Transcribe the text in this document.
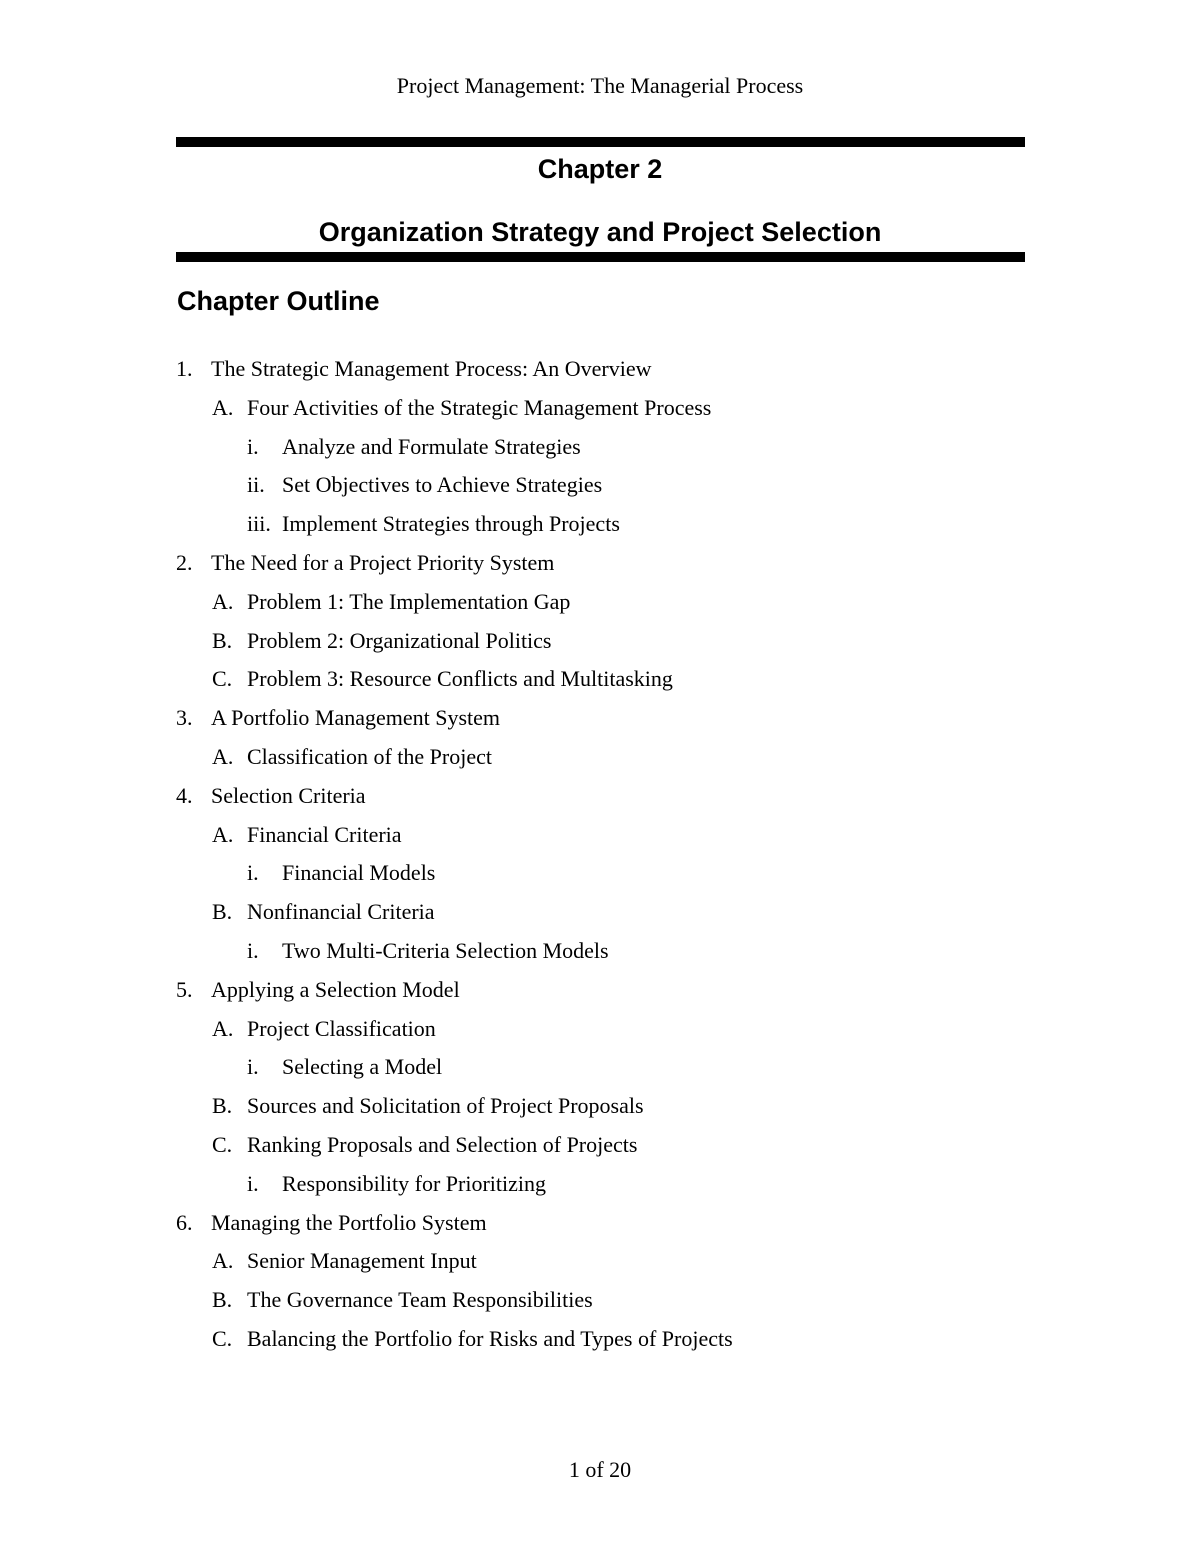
Project Management: The Managerial Process
Chapter 2
Organization Strategy and Project Selection
Chapter Outline
1. The Strategic Management Process: An Overview
A. Four Activities of the Strategic Management Process
i. Analyze and Formulate Strategies
ii. Set Objectives to Achieve Strategies
iii. Implement Strategies through Projects
2. The Need for a Project Priority System
A. Problem 1: The Implementation Gap
B. Problem 2: Organizational Politics
C. Problem 3: Resource Conflicts and Multitasking
3. A Portfolio Management System
A. Classification of the Project
4. Selection Criteria
A. Financial Criteria
i. Financial Models
B. Nonfinancial Criteria
i. Two Multi-Criteria Selection Models
5. Applying a Selection Model
A. Project Classification
i. Selecting a Model
B. Sources and Solicitation of Project Proposals
C. Ranking Proposals and Selection of Projects
i. Responsibility for Prioritizing
6. Managing the Portfolio System
A. Senior Management Input
B. The Governance Team Responsibilities
C. Balancing the Portfolio for Risks and Types of Projects
1 of 20
